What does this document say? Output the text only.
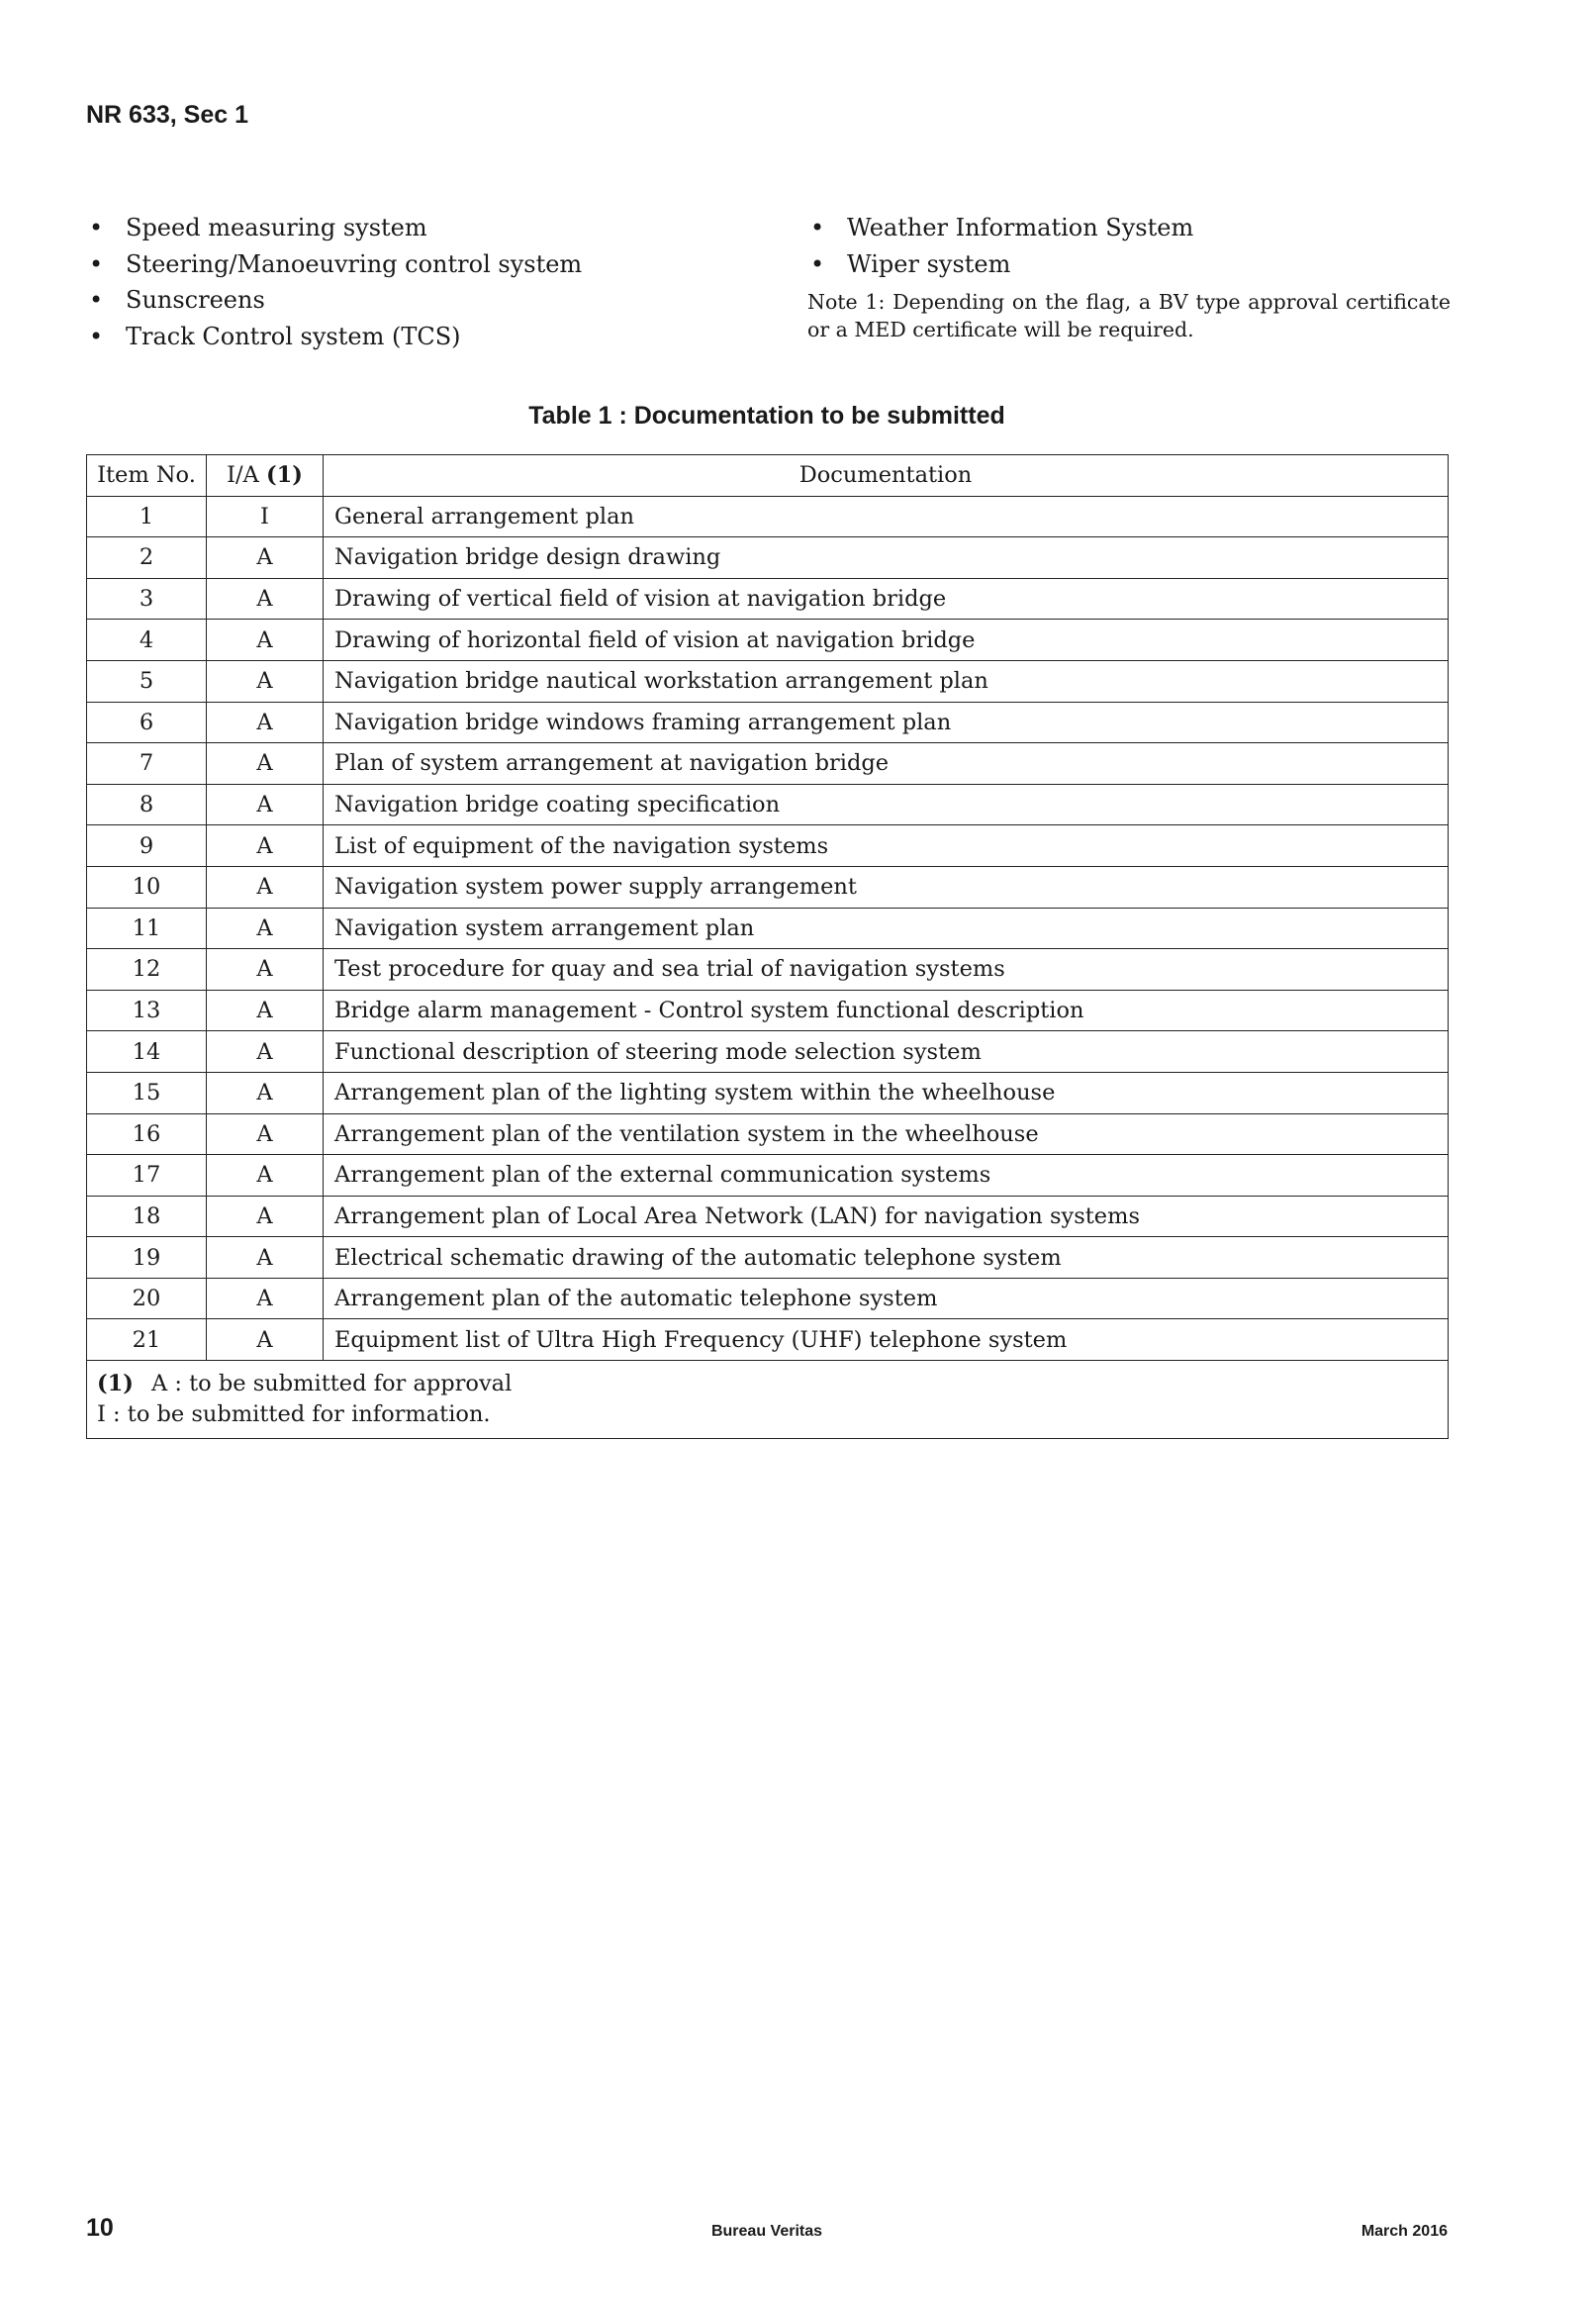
NR 633, Sec 1
• Speed measuring system
• Steering/Manoeuvring control system
• Sunscreens
• Track Control system (TCS)
• Weather Information System
• Wiper system
Note 1: Depending on the flag, a BV type approval certificate or a MED certificate will be required.
Table 1 : Documentation to be submitted
Item No.	I/A (1)	Documentation
1	I	General arrangement plan
2	A	Navigation bridge design drawing
3	A	Drawing of vertical field of vision at navigation bridge
4	A	Drawing of horizontal field of vision at navigation bridge
5	A	Navigation bridge nautical workstation arrangement plan
6	A	Navigation bridge windows framing arrangement plan
7	A	Plan of system arrangement at navigation bridge
8	A	Navigation bridge coating specification
9	A	List of equipment of the navigation systems
10	A	Navigation system power supply arrangement
11	A	Navigation system arrangement plan
12	A	Test procedure for quay and sea trial of navigation systems
13	A	Bridge alarm management - Control system functional description
14	A	Functional description of steering mode selection system
15	A	Arrangement plan of the lighting system within the wheelhouse
16	A	Arrangement plan of the ventilation system in the wheelhouse
17	A	Arrangement plan of the external communication systems
18	A	Arrangement plan of Local Area Network (LAN) for navigation systems
19	A	Electrical schematic drawing of the automatic telephone system
20	A	Arrangement plan of the automatic telephone system
21	A	Equipment list of Ultra High Frequency (UHF) telephone system

(1) A : to be submitted for approval
I : to be submitted for information.		
10	Bureau Veritas	March 2016
